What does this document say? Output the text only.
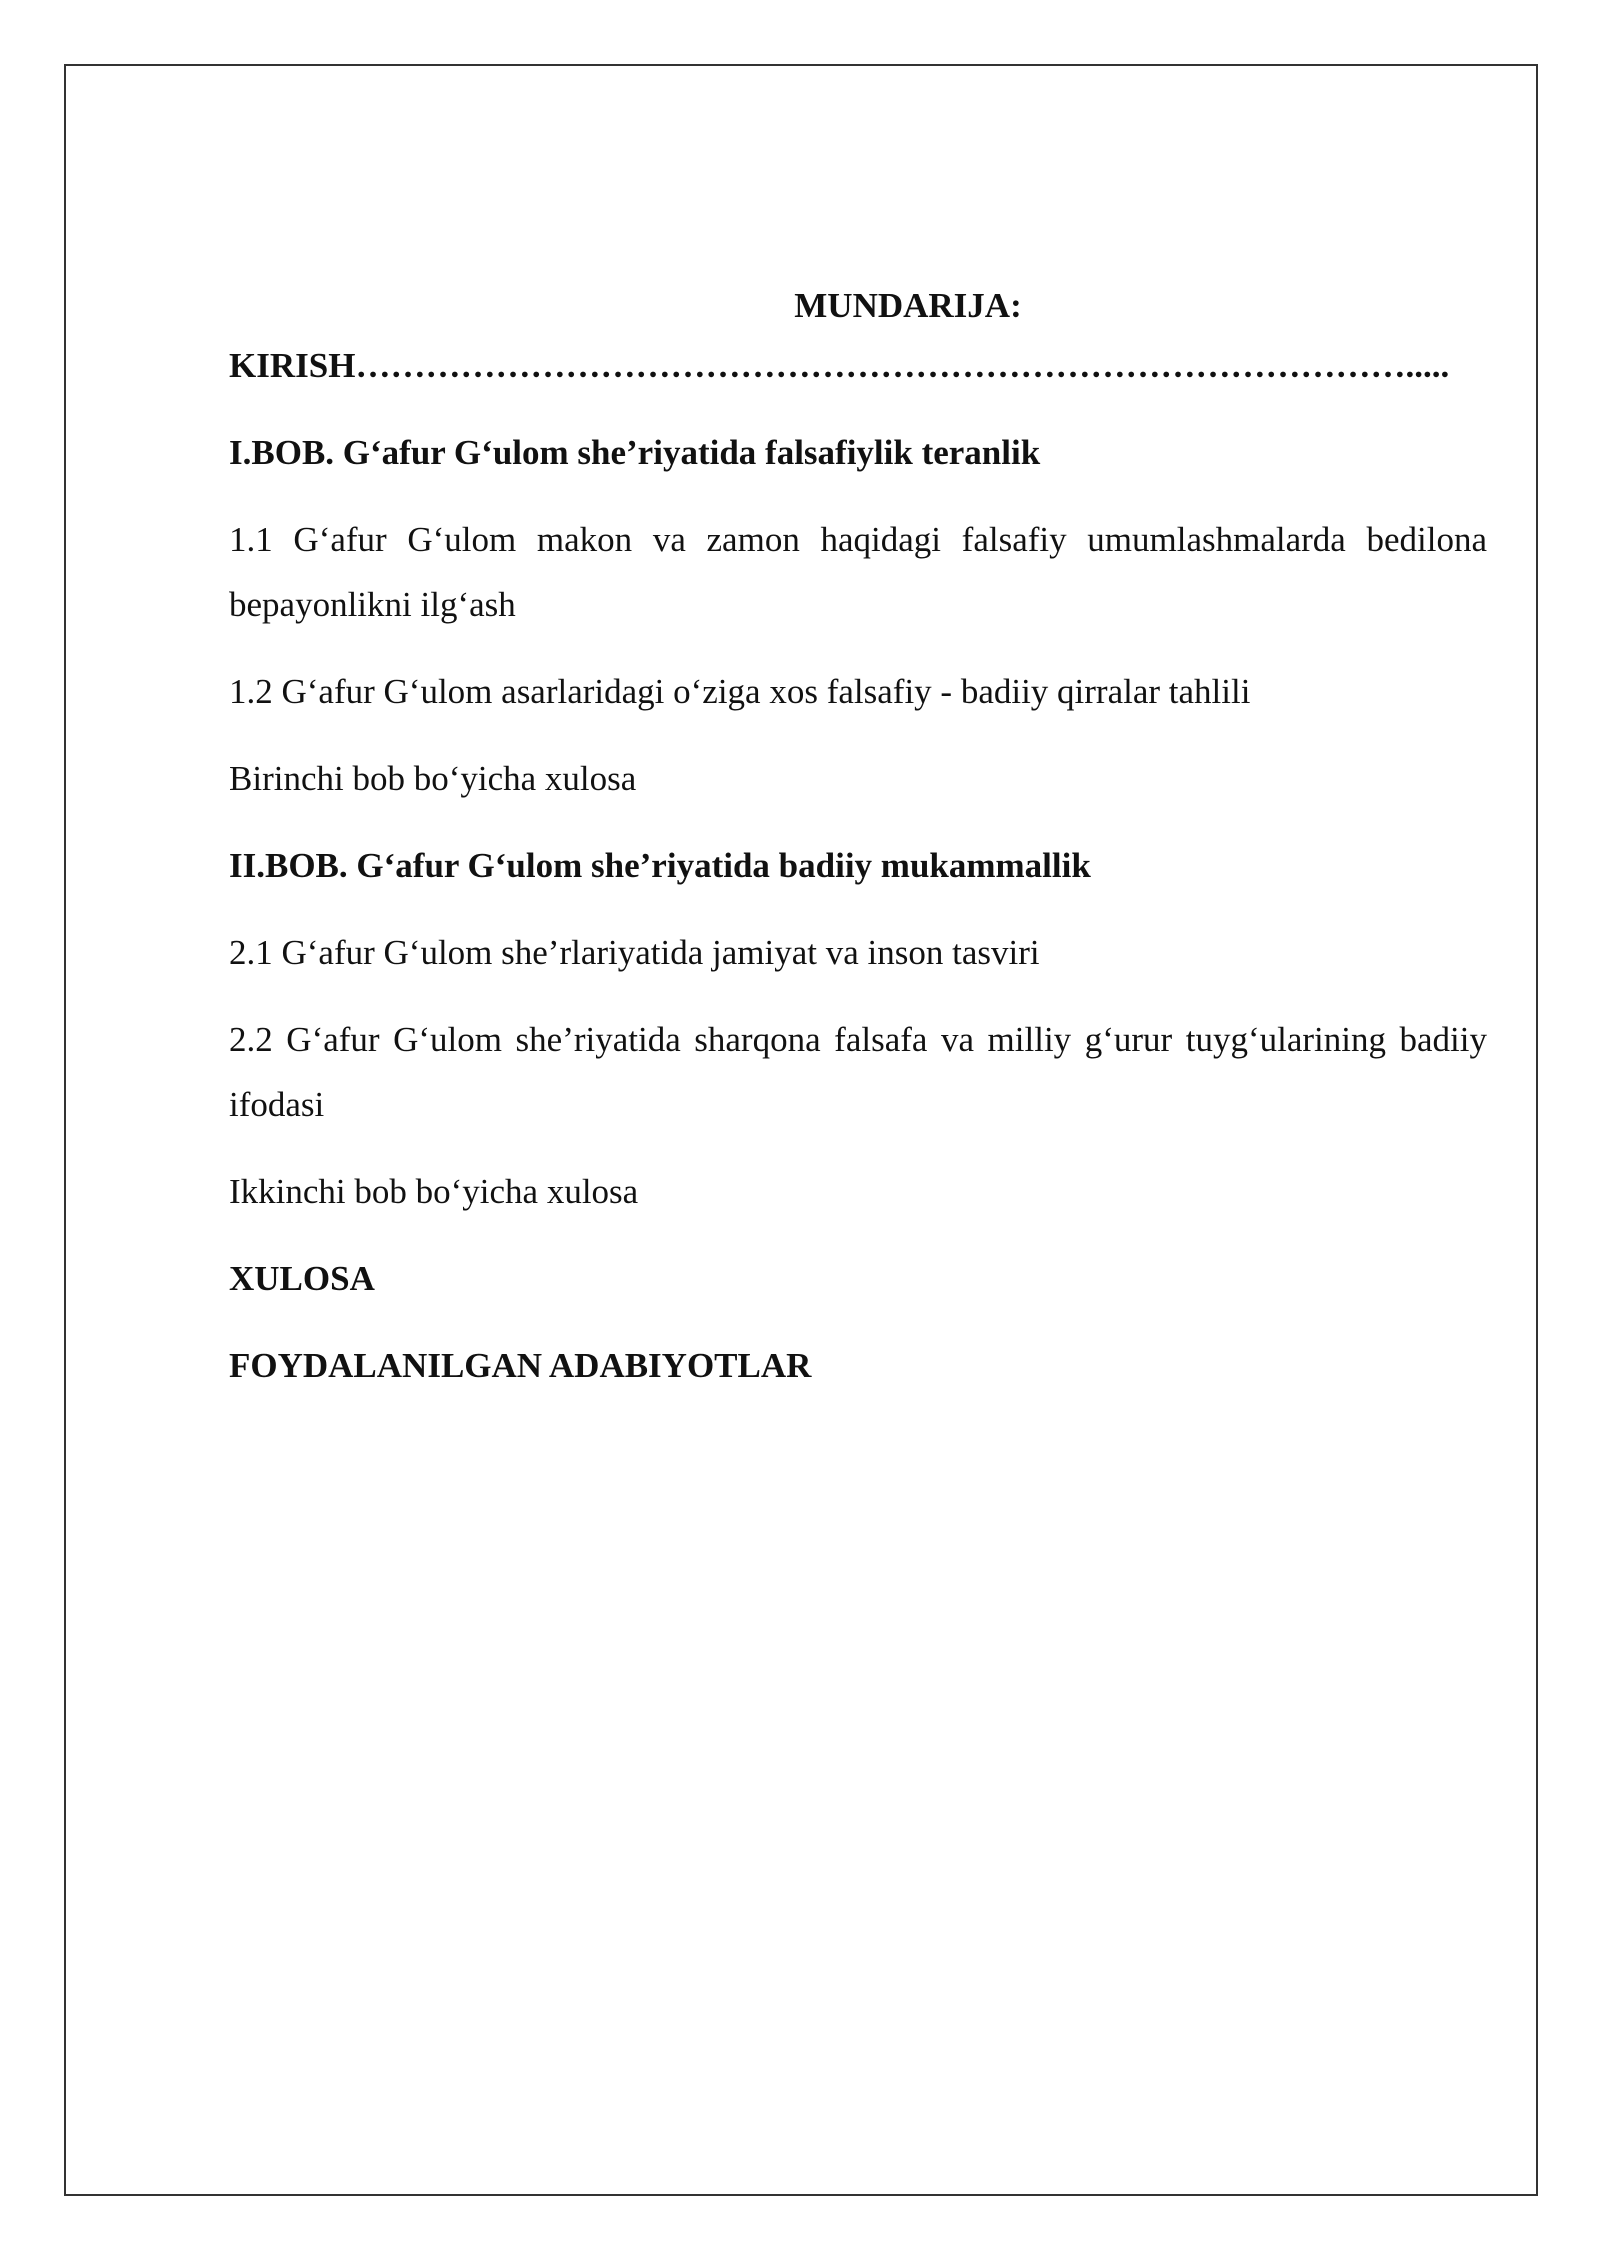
MUNDARIJA:
KIRISH ……………………………………………………………………………….....
I.BOB. G‘afur G‘ulom she’riyatida falsafiylik teranlik
1.1 G‘afur G‘ulom makon va zamon haqidagi falsafiy umumlashmalarda bedilona bepayonlikni ilg‘ash
1.2 G‘afur G‘ulom asarlaridagi o‘ziga xos falsafiy - badiiy qirralar tahlili
Birinchi bob bo‘yicha xulosa
II.BOB. G‘afur G‘ulom she’riyatida badiiy mukammallik
2.1 G‘afur G‘ulom she’rlariyatida jamiyat va inson tasviri
2.2 G‘afur G‘ulom she’riyatida sharqona falsafa va milliy g‘urur tuyg‘ularining badiiy ifodasi
Ikkinchi bob bo‘yicha xulosa
XULOSA
FOYDALANILGAN ADABIYOTLAR
